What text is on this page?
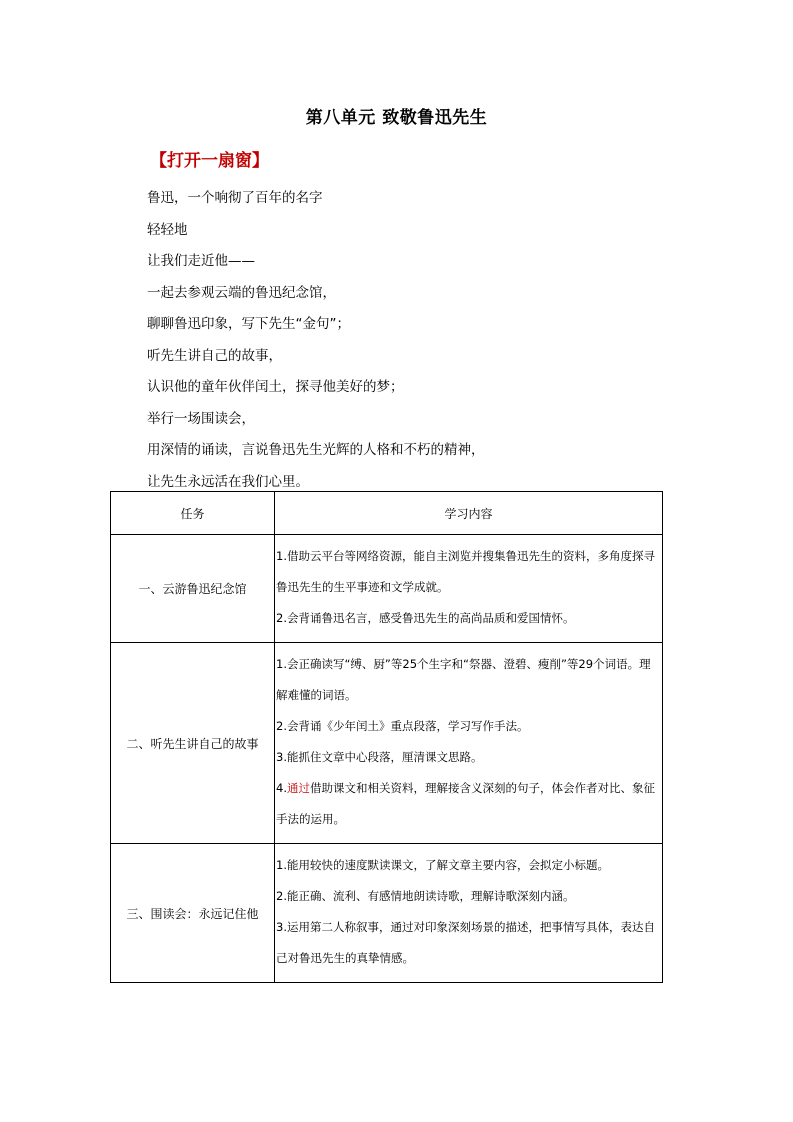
第八单元 致敬鲁迅先生
【打开一扇窗】
鲁迅，一个响彻了百年的名字
轻轻地
让我们走近他——
一起去参观云端的鲁迅纪念馆，
聊聊鲁迅印象，写下先生“金句”；
听先生讲自己的故事，
认识他的童年伙伴闰土，探寻他美好的梦；
举行一场围读会，
用深情的诵读，言说鲁迅先生光辉的人格和不朽的精神，
让先生永远活在我们心里。
任务	学习内容
一、云游鲁迅纪念馆	1.借助云平台等网络资源，能自主浏览并搜集鲁迅先生的资料，多角度探寻鲁迅先生的生平事迹和文学成就。
2.会背诵鲁迅名言，感受鲁迅先生的高尚品质和爱国情怀。

二、听先生讲自己的故事	1.会正确读写“缚、厨”等25个生字和“祭器、澄碧、瘦削”等29个词语。理解难懂的词语。
2.会背诵《少年闰土》重点段落，学习写作手法。
3.能抓住文章中心段落，厘清课文思路。
4.通过借助课文和相关资料，理解接含义深刻的句子，体会作者对比、象征手法的运用。

三、围读会：永远记住他	1.能用较快的速度默读课文，了解文章主要内容，会拟定小标题。
2.能正确、流利、有感情地朗读诗歌，理解诗歌深刻内涵。
3.运用第二人称叙事，通过对印象深刻场景的描述，把事情写具体，表达自己对鲁迅先生的真挚情感。
